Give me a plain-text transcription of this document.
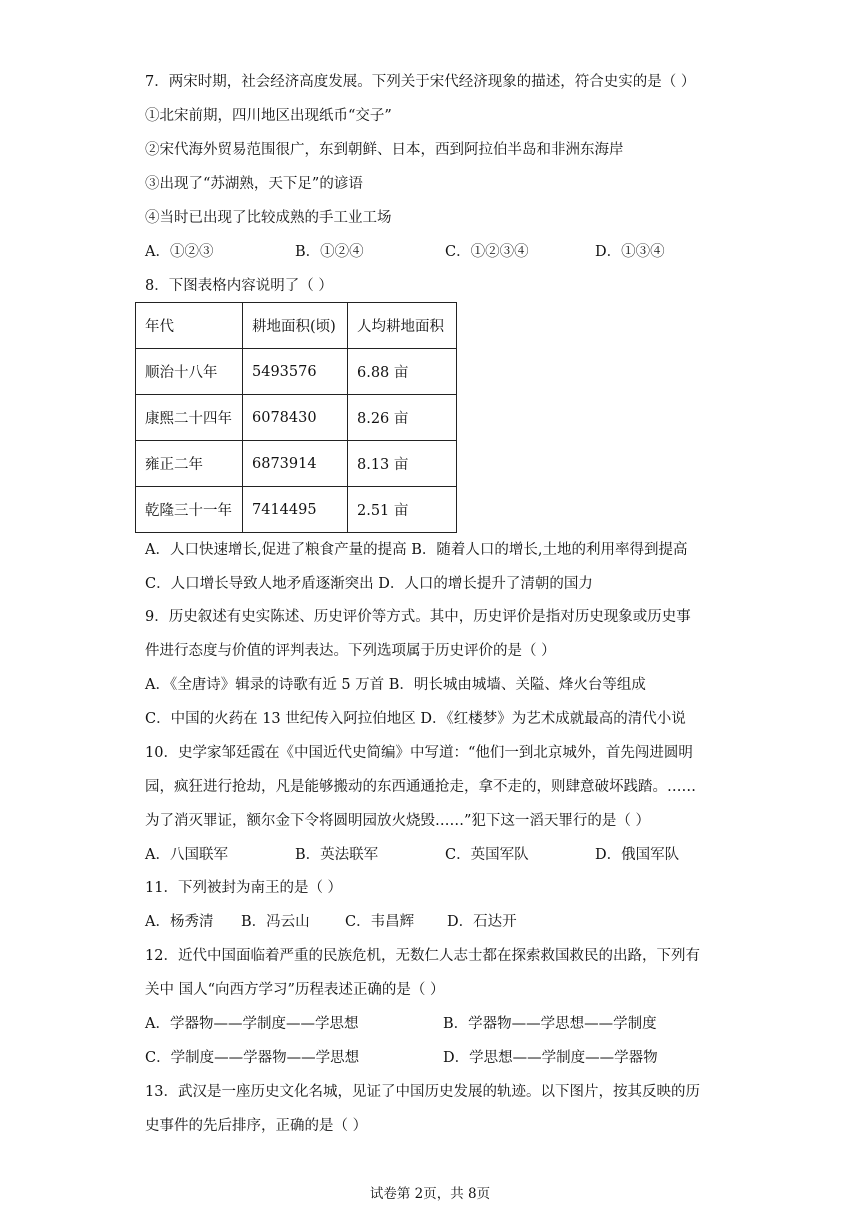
7．两宋时期，社会经济高度发展。下列关于宋代经济现象的描述，符合史实的是（ ）
①北宋前期，四川地区出现纸币“交子”
②宋代海外贸易范围很广，东到朝鲜、日本，西到阿拉伯半岛和非洲东海岸
③出现了“苏湖熟，天下足”的谚语
④当时已出现了比较成熟的手工业工场
A．①②③	B．①②④	C．①②③④	D．①③④
8．下图表格内容说明了（ ）
年代	耕地面积(顷)	人均耕地面积
顺治十八年	5493576	6.88 亩
康熙二十四年	6078430	8.26 亩
雍正二年	6873914	8.13 亩
乾隆三十一年	7414495	2.51 亩
A．人口快速增长,促进了粮食产量的提高 B．随着人口的增长,土地的利用率得到提高
C．人口增长导致人地矛盾逐渐突出 D．人口的增长提升了清朝的国力
9．历史叙述有史实陈述、历史评价等方式。其中，历史评价是指对历史现象或历史事
件进行态度与价值的评判表达。下列选项属于历史评价的是（ ）
A．《全唐诗》辑录的诗歌有近 5 万首 B．明长城由城墙、关隘、烽火台等组成
C．中国的火药在 13 世纪传入阿拉伯地区 D．《红楼梦》为艺术成就最高的清代小说
10．史学家邹廷霞在《中国近代史简编》中写道：“他们一到北京城外，首先闯进圆明
园，疯狂进行抢劫，凡是能够搬动的东西通通抢走，拿不走的，则肆意破坏践踏。……
为了消灭罪证，额尔金下令将圆明园放火烧毁……”犯下这一滔天罪行的是（ ）
A．八国联军	B．英法联军	C．英国军队	D．俄国军队
11．下列被封为南王的是（ ）
A．杨秀清 B．冯云山 C．韦昌辉 D．石达开
12．近代中国面临着严重的民族危机，无数仁人志士都在探索救国救民的出路，下列有
关中 国人“向西方学习”历程表述正确的是（ ）
A．学器物——学制度——学思想	B．学器物——学思想——学制度
C．学制度——学器物——学思想	D．学思想——学制度——学器物
13．武汉是一座历史文化名城，见证了中国历史发展的轨迹。以下图片，按其反映的历
史事件的先后排序，正确的是（ ）
试卷第 2页，共 8页
